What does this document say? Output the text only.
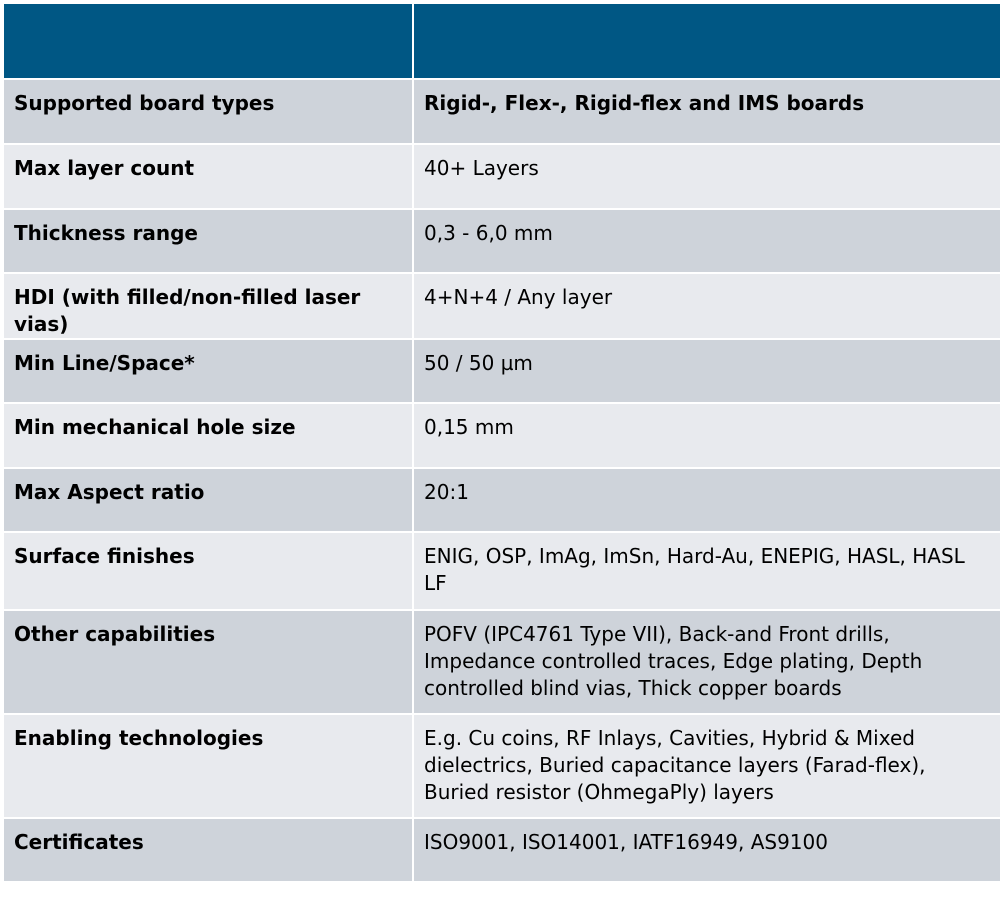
Supported board types	Rigid-, Flex-, Rigid-flex and IMS boards
Max layer count	40+ Layers
Thickness range	0,3 - 6,0 mm
HDI (with filled/non-filled laser vias)	4+N+4 / Any layer
Min Line/Space*	50 / 50 µm
Min mechanical hole size	0,15 mm
Max Aspect ratio	20:1
Surface finishes	ENIG, OSP, ImAg, ImSn, Hard-Au, ENEPIG, HASL, HASL LF
Other capabilities	POFV (IPC4761 Type VII), Back-and Front drills, Impedance controlled traces, Edge plating, Depth controlled blind vias, Thick copper boards
Enabling technologies	E.g. Cu coins, RF Inlays, Cavities, Hybrid & Mixed dielectrics, Buried capacitance layers (Farad-flex), Buried resistor (OhmegaPly) layers
Certificates	ISO9001, ISO14001, IATF16949, AS9100
